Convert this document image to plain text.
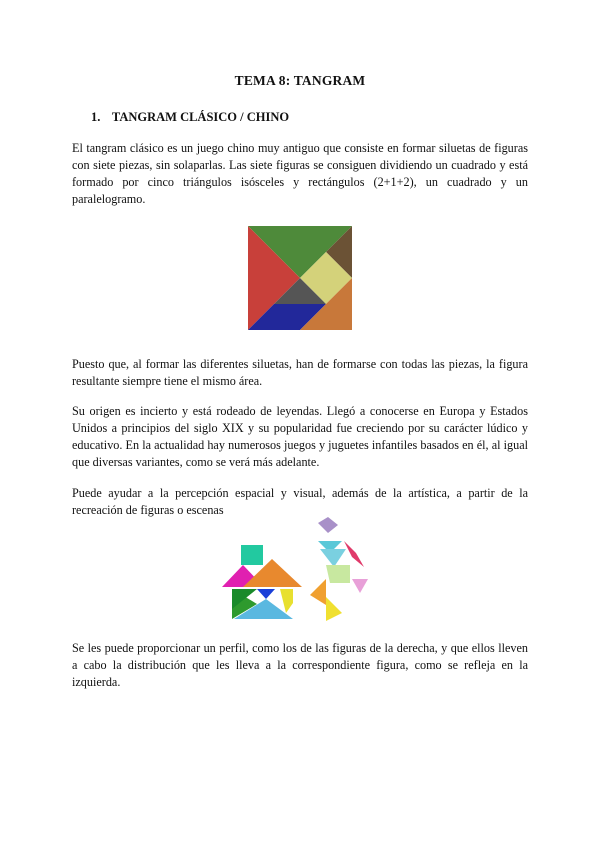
TEMA 8: TANGRAM
1. TANGRAM CLÁSICO / CHINO

El tangram clásico es un juego chino muy antiguo que consiste en formar siluetas de figuras con siete piezas, sin solaparlas. Las siete figuras se consiguen dividiendo un cuadrado y está formado por cinco triángulos isósceles y rectángulos (2+1+2), un cuadrado y un paralelogramo.

Puesto que, al formar las diferentes siluetas, han de formarse con todas las piezas, la figura resultante siempre tiene el mismo área.

Su origen es incierto y está rodeado de leyendas. Llegó a conocerse en Europa y Estados Unidos a principios del siglo XIX y su popularidad fue creciendo por su carácter lúdico y educativo. En la actualidad hay numerosos juegos y juguetes infantiles basados en él, al igual que diversas variantes, como se verá más adelante.

Puede ayudar a la percepción espacial y visual, además de la artística, a partir de la recreación de figuras o escenas

Se les puede proporcionar un perfil, como los de las figuras de la derecha, y que ellos lleven a cabo la distribución que les lleva a la correspondiente figura, como se refleja en la izquierda.
